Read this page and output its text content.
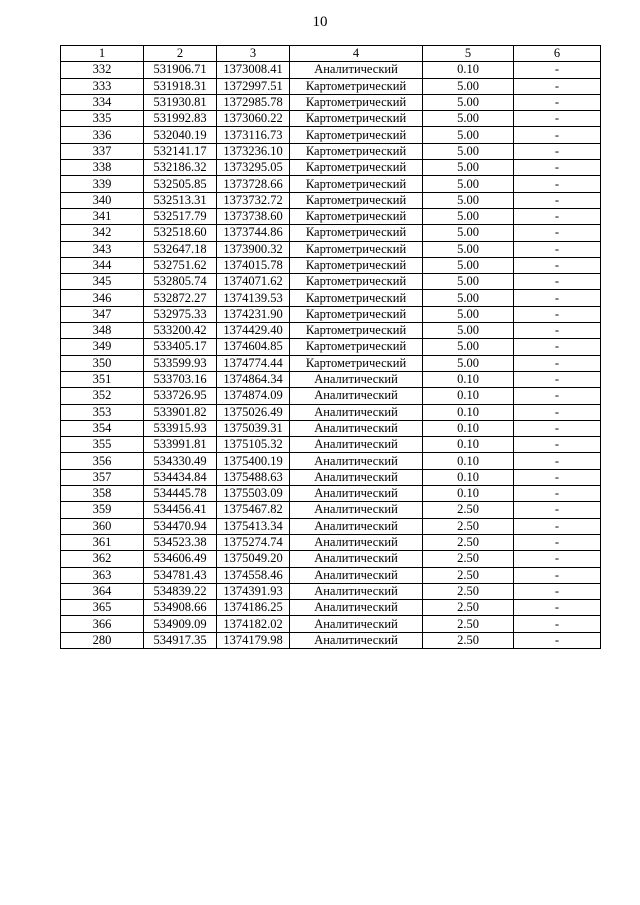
10
1	2	3	4	5	6
332	531906.71	1373008.41	Аналитический	0.10	-
333	531918.31	1372997.51	Картометрический	5.00	-
334	531930.81	1372985.78	Картометрический	5.00	-
335	531992.83	1373060.22	Картометрический	5.00	-
336	532040.19	1373116.73	Картометрический	5.00	-
337	532141.17	1373236.10	Картометрический	5.00	-
338	532186.32	1373295.05	Картометрический	5.00	-
339	532505.85	1373728.66	Картометрический	5.00	-
340	532513.31	1373732.72	Картометрический	5.00	-
341	532517.79	1373738.60	Картометрический	5.00	-
342	532518.60	1373744.86	Картометрический	5.00	-
343	532647.18	1373900.32	Картометрический	5.00	-
344	532751.62	1374015.78	Картометрический	5.00	-
345	532805.74	1374071.62	Картометрический	5.00	-
346	532872.27	1374139.53	Картометрический	5.00	-
347	532975.33	1374231.90	Картометрический	5.00	-
348	533200.42	1374429.40	Картометрический	5.00	-
349	533405.17	1374604.85	Картометрический	5.00	-
350	533599.93	1374774.44	Картометрический	5.00	-
351	533703.16	1374864.34	Аналитический	0.10	-
352	533726.95	1374874.09	Аналитический	0.10	-
353	533901.82	1375026.49	Аналитический	0.10	-
354	533915.93	1375039.31	Аналитический	0.10	-
355	533991.81	1375105.32	Аналитический	0.10	-
356	534330.49	1375400.19	Аналитический	0.10	-
357	534434.84	1375488.63	Аналитический	0.10	-
358	534445.78	1375503.09	Аналитический	0.10	-
359	534456.41	1375467.82	Аналитический	2.50	-
360	534470.94	1375413.34	Аналитический	2.50	-
361	534523.38	1375274.74	Аналитический	2.50	-
362	534606.49	1375049.20	Аналитический	2.50	-
363	534781.43	1374558.46	Аналитический	2.50	-
364	534839.22	1374391.93	Аналитический	2.50	-
365	534908.66	1374186.25	Аналитический	2.50	-
366	534909.09	1374182.02	Аналитический	2.50	-
280	534917.35	1374179.98	Аналитический	2.50	-
